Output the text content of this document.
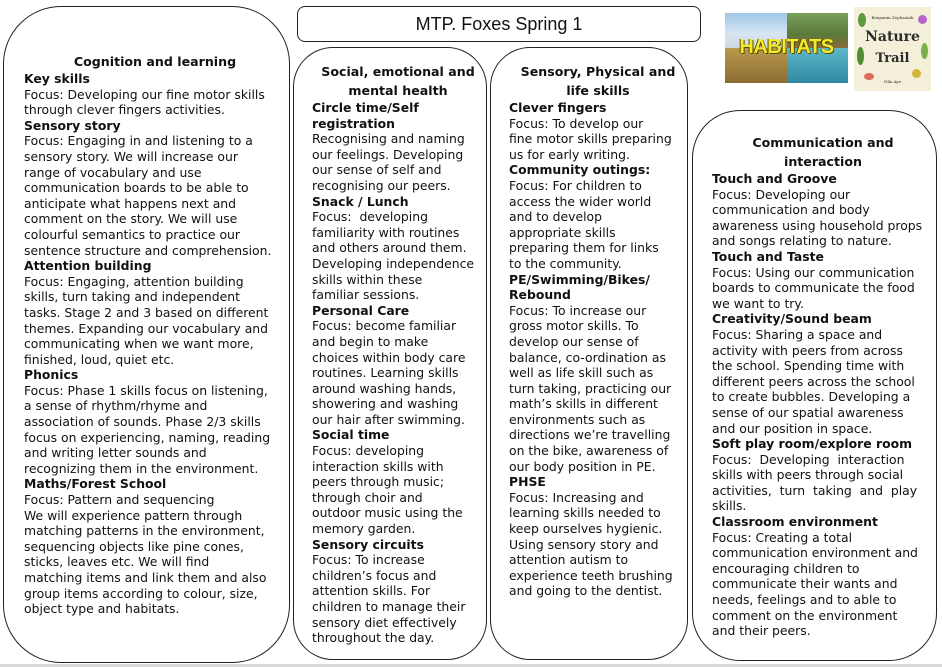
MTP. Foxes Spring 1
Cognition and learning
Key skills
Focus: Developing our fine motor skills
through clever fingers activities.
Sensory story
Focus: Engaging in and listening to a
sensory story. We will increase our
range of vocabulary and use
communication boards to be able to
anticipate what happens next and
comment on the story. We will use
colourful semantics to practice our
sentence structure and comprehension.
Attention building
Focus: Engaging, attention building
skills, turn taking and independent
tasks. Stage 2 and 3 based on different
themes. Expanding our vocabulary and
communicating when we want more,
finished, loud, quiet etc.
Phonics
Focus: Phase 1 skills focus on listening,
a sense of rhythm/rhyme and
association of sounds. Phase 2/3 skills
focus on experiencing, naming, reading
and writing letter sounds and
recognizing them in the environment.
Maths/Forest School
Focus: Pattern and sequencing
We will experience pattern through
matching patterns in the environment,
sequencing objects like pine cones,
sticks, leaves etc. We will find
matching items and link them and also
group items according to colour, size,
object type and habitats.
Social, emotional and mental health
Circle time/Self
registration
Recognising and naming
our feelings. Developing
our sense of self and
recognising our peers.
Snack / Lunch
Focus:  developing
familiarity with routines
and others around them.
Developing independence
skills within these
familiar sessions.
Personal Care
Focus: become familiar
and begin to make
choices within body care
routines. Learning skills
around washing hands,
showering and washing
our hair after swimming.
Social time
Focus: developing
interaction skills with
peers through music;
through choir and
outdoor music using the
memory garden.
Sensory circuits
Focus: To increase
children’s focus and
attention skills. For
children to manage their
sensory diet effectively
throughout the day.
Sensory, Physical and life skills
Clever fingers
Focus: To develop our
fine motor skills preparing
us for early writing.
Community outings:
Focus: For children to
access the wider world
and to develop
appropriate skills
preparing them for links
to the community.
PE/Swimming/Bikes/
Rebound
Focus: To increase our
gross motor skills. To
develop our sense of
balance, co-ordination as
well as life skill such as
turn taking, practicing our
math’s skills in different
environments such as
directions we’re travelling
on the bike, awareness of
our body position in PE.
PHSE
Focus: Increasing and
learning skills needed to
keep ourselves hygienic.
Using sensory story and
attention autism to
experience teeth brushing
and going to the dentist.
Communication and interaction
Touch and Groove
Focus: Developing our
communication and body
awareness using household props
and songs relating to nature.
Touch and Taste
Focus: Using our communication
boards to communicate the food
we want to try.
Creativity/Sound beam
Focus: Sharing a space and
activity with peers from across
the school. Spending time with
different peers across the school
to create bubbles. Developing a
sense of our spatial awareness
and our position in space.
Soft play room/explore room
Focus:  Developing  interaction
skills with peers through social
activities,  turn  taking  and  play
skills.
Classroom environment
Focus: Creating a total
communication environment and
encouraging children to
communicate their wants and
needs, feelings and to able to
comment on the environment
and their peers.
HABITATS
Benjamin Zephaniah
Nature
Trail
Nila Aye
